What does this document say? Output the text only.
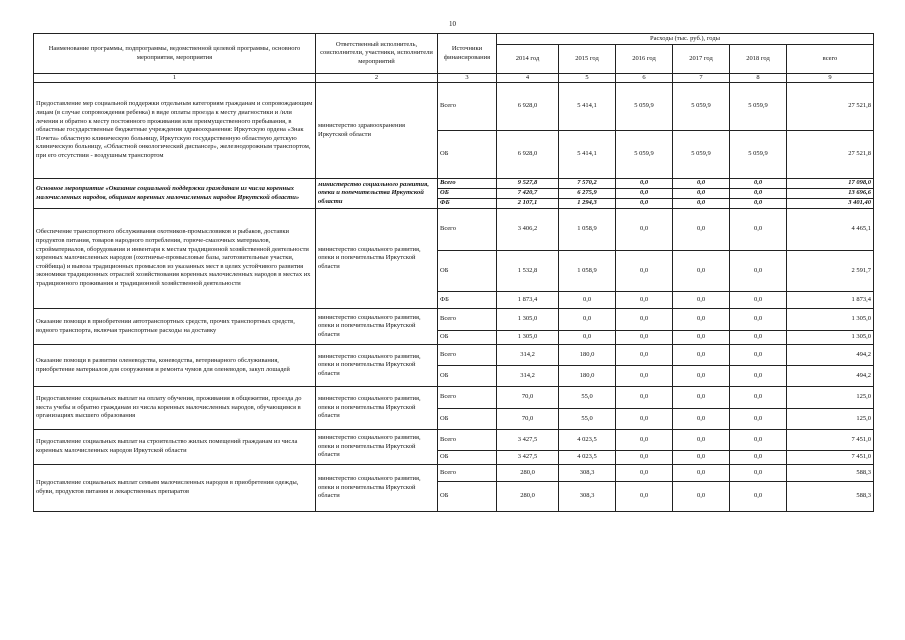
10
Наименование программы, подпрограммы, ведомственной целевой программы, основного мероприятия, мероприятия	Ответственный исполнитель, соисполнители, участники, исполнители мероприятий	Источники финансирования	Расходы (тыс. руб.), годы					
			2014 год	2015 год	2016 год	2017 год	2018 год	всего
1	2	3	4	5	6	7	8	9
Предоставление мер социальной поддержки отдельным категориям гражданам и сопровождающим лицам (в случае сопровождения ребенка) в виде оплаты проезда к месту диагностики и /или лечения и обратно к месту постоянного проживания или преимущественного пребывания, в областные государственные бюджетные учреждения здравоохранения: Иркутскую ордена «Знак Почета» областную клиническую больницу, Иркутскую государственную областную детскую клиническую больницу, «Областной онкологический диспансер», железнодорожным транспортом, при его отсутствии - воздушным транспортом	министерство здравоохранения Иркутской области	Всего	6 928,0	5 414,1	5 059,9	5 059,9	5 059,9	27 521,8
		ОБ	6 928,0	5 414,1	5 059,9	5 059,9	5 059,9	27 521,8
Основное мероприятие «Оказание социальной поддержки гражданам из числа коренных малочисленных народов, общинам коренных малочисленных народов Иркутской области»	министерство социального развития, опеки и попечительства Иркутской области	Всего	9 527,8	7 570,2	0,0	0,0	0,0	17 098,0
		ОБ	7 420,7	6 275,9	0,0	0,0	0,0	13 696,6
		ФБ	2 107,1	1 294,3	0,0	0,0	0,0	3 401,40
Обеспечение транспортного обслуживания охотников-промысловиков и рыбаков, доставки продуктов питания, товаров народного потребления, горюче-смазочных материалов, стройматериалов, оборудования и инвентаря к местам традиционной хозяйственной деятельности коренных малочисленных народов (охотничье-промысловые базы, заготовительные участки, стойбища) и вывоза традиционных промыслов из указанных мест в целях устойчивого развития экономики традиционных отраслей хозяйствования коренных малочисленных народов в местах их традиционного проживания и традиционной хозяйственной деятельности	министерство социального развития, опеки и попечительства Иркутской области	Всего	3 406,2	1 058,9	0,0	0,0	0,0	4 465,1
		ОБ	1 532,8	1 058,9	0,0	0,0	0,0	2 591,7
		ФБ	1 873,4	0,0	0,0	0,0	0,0	1 873,4
Оказание помощи в приобретении автотранспортных средств, прочих транспортных средств, водного транспорта, включая транспортные расходы на доставку	министерство социального развития, опеки и попечительства Иркутской области	Всего	1 305,0	0,0	0,0	0,0	0,0	1 305,0
		ОБ	1 305,0	0,0	0,0	0,0	0,0	1 305,0
Оказание помощи в развитии оленеводства, коневодства, ветеринарного обслуживания, приобретение материалов для сооружения и ремонта чумов для оленеводов, закуп лошадей	министерство социального развития, опеки и попечительства Иркутской области	Всего	314,2	180,0	0,0	0,0	0,0	494,2
		ОБ	314,2	180,0	0,0	0,0	0,0	494,2
Предоставление социальных выплат на оплату обучения, проживания в общежитии, проезда до места учебы и обратно гражданам из числа коренных малочисленных народов, обучающимся в организациях высшего образования	министерство социального развития, опеки и попечительства Иркутской области	Всего	70,0	55,0	0,0	0,0	0,0	125,0
		ОБ	70,0	55,0	0,0	0,0	0,0	125,0
Предоставление социальных выплат на строительство жилых помещений гражданам из числа коренных малочисленных народов Иркутской области	министерство социального развития, опеки и попечительства Иркутской области	Всего	3 427,5	4 023,5	0,0	0,0	0,0	7 451,0
		ОБ	3 427,5	4 023,5	0,0	0,0	0,0	7 451,0
Предоставление социальных выплат семьям малочисленных народов в приобретении одежды, обуви, продуктов питания и лекарственных препаратов	министерство социального развития, опеки и попечительства Иркутской области	Всего	280,0	308,3	0,0	0,0	0,0	588,3
		ОБ	280,0	308,3	0,0	0,0	0,0	588,3
